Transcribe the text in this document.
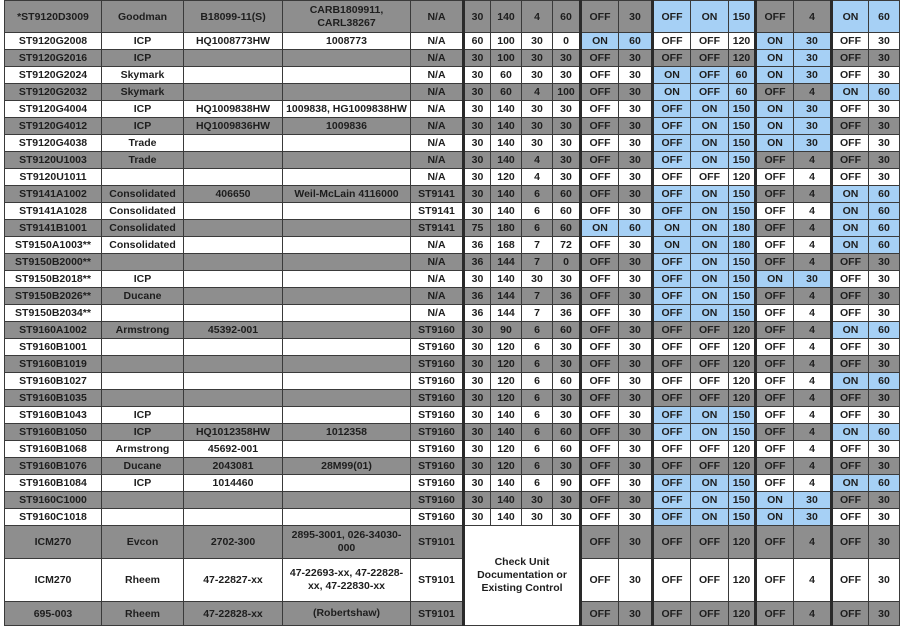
*ST9120D3009	Goodman	B18099-11(S)	CARB1809911, CARL38267	N/A	30	140	4	60	OFF	30	OFF	ON	150	OFF	4	ON	60
ST9120G2008	ICP	HQ1008773HW	1008773	N/A	60	100	30	0	ON	60	OFF	OFF	120	ON	30	OFF	30
ST9120G2016	ICP			N/A	30	100	30	30	OFF	30	OFF	OFF	120	ON	30	OFF	30
ST9120G2024	Skymark			N/A	30	60	30	30	OFF	30	ON	OFF	60	ON	30	OFF	30
ST9120G2032	Skymark			N/A	30	60	4	100	OFF	30	ON	OFF	60	OFF	4	ON	60
ST9120G4004	ICP	HQ1009838HW	1009838, HG1009838HW	N/A	30	140	30	30	OFF	30	OFF	ON	150	ON	30	OFF	30
ST9120G4012	ICP	HQ1009836HW	1009836	N/A	30	140	30	30	OFF	30	OFF	ON	150	ON	30	OFF	30
ST9120G4038	Trade			N/A	30	140	30	30	OFF	30	OFF	ON	150	ON	30	OFF	30
ST9120U1003	Trade			N/A	30	140	4	30	OFF	30	OFF	ON	150	OFF	4	OFF	30
ST9120U1011				N/A	30	120	4	30	OFF	30	OFF	OFF	120	OFF	4	OFF	30
ST9141A1002	Consolidated	406650	Weil-McLain 4116000	ST9141	30	140	6	60	OFF	30	OFF	ON	150	OFF	4	ON	60
ST9141A1028	Consolidated			ST9141	30	140	6	60	OFF	30	OFF	ON	150	OFF	4	ON	60
ST9141B1001	Consolidated			ST9141	75	180	6	60	ON	60	ON	ON	180	OFF	4	ON	60
ST9150A1003**	Consolidated			N/A	36	168	7	72	OFF	30	ON	ON	180	OFF	4	ON	60
ST9150B2000**				N/A	36	144	7	0	OFF	30	OFF	ON	150	OFF	4	OFF	30
ST9150B2018**	ICP			N/A	30	140	30	30	OFF	30	OFF	ON	150	ON	30	OFF	30
ST9150B2026**	Ducane			N/A	36	144	7	36	OFF	30	OFF	ON	150	OFF	4	OFF	30
ST9150B2034**				N/A	36	144	7	36	OFF	30	OFF	ON	150	OFF	4	OFF	30
ST9160A1002	Armstrong	45392-001		ST9160	30	90	6	60	OFF	30	OFF	OFF	120	OFF	4	ON	60
ST9160B1001				ST9160	30	120	6	30	OFF	30	OFF	OFF	120	OFF	4	OFF	30
ST9160B1019				ST9160	30	120	6	30	OFF	30	OFF	OFF	120	OFF	4	OFF	30
ST9160B1027				ST9160	30	120	6	60	OFF	30	OFF	OFF	120	OFF	4	ON	60
ST9160B1035				ST9160	30	120	6	30	OFF	30	OFF	OFF	120	OFF	4	OFF	30
ST9160B1043	ICP			ST9160	30	140	6	30	OFF	30	OFF	ON	150	OFF	4	OFF	30
ST9160B1050	ICP	HQ1012358HW	1012358	ST9160	30	140	6	60	OFF	30	OFF	ON	150	OFF	4	ON	60
ST9160B1068	Armstrong	45692-001		ST9160	30	120	6	60	OFF	30	OFF	OFF	120	OFF	4	OFF	30
ST9160B1076	Ducane	2043081	28M99(01)	ST9160	30	120	6	30	OFF	30	OFF	OFF	120	OFF	4	OFF	30
ST9160B1084	ICP	1014460		ST9160	30	140	6	90	OFF	30	OFF	ON	150	OFF	4	ON	60
ST9160C1000				ST9160	30	140	30	30	OFF	30	OFF	ON	150	ON	30	OFF	30
ST9160C1018				ST9160	30	140	30	30	OFF	30	OFF	ON	150	ON	30	OFF	30
ICM270	Evcon	2702-300	2895-3001, 026-34030-000	ST9101	Check Unit Documentation or Existing Control				OFF	30	OFF	OFF	120	OFF	4	OFF	30
ICM270	Rheem	47-22827-xx	47-22693-xx, 47-22828-xx, 47-22830-xx	ST9101					OFF	30	OFF	OFF	120	OFF	4	OFF	30
695-003	Rheem	47-22828-xx	(Robertshaw)	ST9101					OFF	30	OFF	OFF	120	OFF	4	OFF	30
